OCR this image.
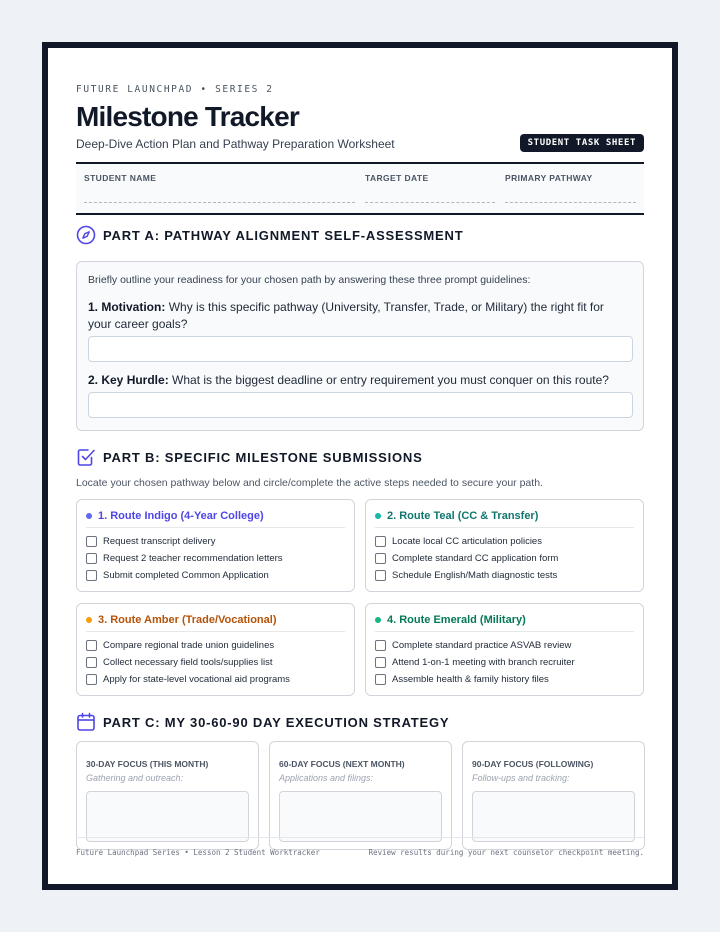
FUTURE LAUNCHPAD • SERIES 2
Milestone Tracker
Deep-Dive Action Plan and Pathway Preparation Worksheet	STUDENT TASK SHEET
STUDENT NAME	TARGET DATE	PRIMARY PATHWAY
PART A: PATHWAY ALIGNMENT SELF-ASSESSMENT
Briefly outline your readiness for your chosen path by answering these three prompt guidelines:
1. Motivation: Why is this specific pathway (University, Transfer, Trade, or Military) the right fit for your career goals?
2. Key Hurdle: What is the biggest deadline or entry requirement you must conquer on this route?
PART B: SPECIFIC MILESTONE SUBMISSIONS
Locate your chosen pathway below and circle/complete the active steps needed to secure your path.
1. Route Indigo (4-Year College)
Request transcript delivery
Request 2 teacher recommendation letters
Submit completed Common Application
2. Route Teal (CC & Transfer)
Locate local CC articulation policies
Complete standard CC application form
Schedule English/Math diagnostic tests
3. Route Amber (Trade/Vocational)
Compare regional trade union guidelines
Collect necessary field tools/supplies list
Apply for state-level vocational aid programs
4. Route Emerald (Military)
Complete standard practice ASVAB review
Attend 1-on-1 meeting with branch recruiter
Assemble health & family history files
PART C: MY 30-60-90 DAY EXECUTION STRATEGY
30-DAY FOCUS (THIS MONTH)
Gathering and outreach:
60-DAY FOCUS (NEXT MONTH)
Applications and filings:
90-DAY FOCUS (FOLLOWING)
Follow-ups and tracking:
Future Launchpad Series • Lesson 2 Student Worktracker	Review results during your next counselor checkpoint meeting.
